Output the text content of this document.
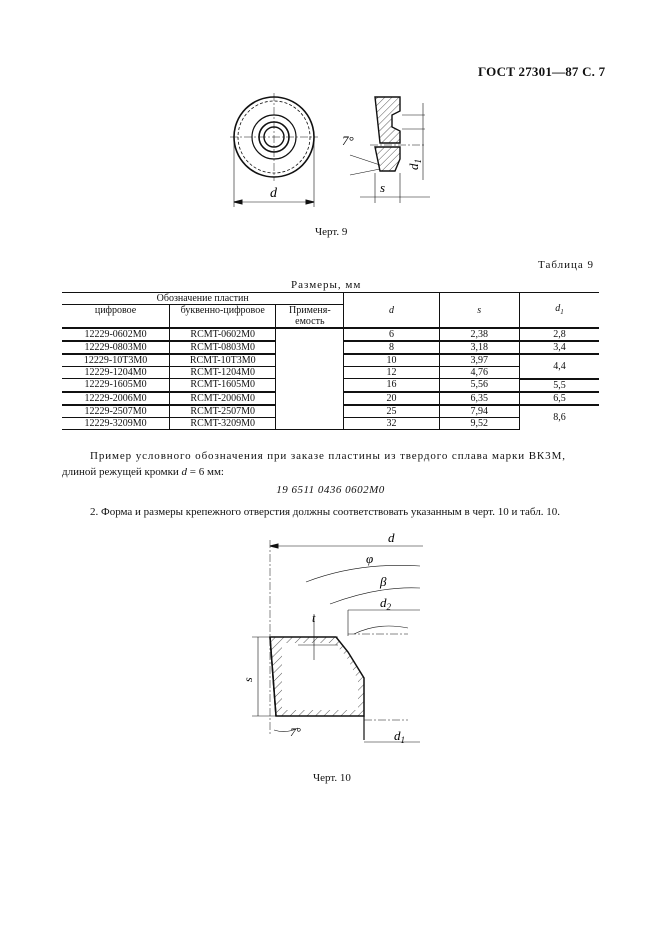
ГОСТ 27301—87 С. 7
d	s
7°
$d_1$
Черт. 9
Таблица 9
Размеры, мм
Обозначение пластин			d	s	$d_1$
цифровое	буквенно-цифровое	Применя-			
		емость			
12229-0602M0	RCMT-0602M0		6	2,38	2,8
12229-0803M0	RCMT-0803M0		8	3,18	3,4
12229-10T3M0	RCMT-10T3M0		10	3,97	4,4
12229-1204M0	RCMT-1204M0		12	4,76	
12229-1605M0	RCMT-1605M0		16	5,56	5,5
12229-2006M0	RCMT-2006M0		20	6,35	6,5
12229-2507M0	RCMT-2507M0		25	7,94	8,6
12229-3209M0	RCMT-3209M0		32	9,52	
Пример условного обозначения при заказе пластины из твердого сплава марки ВК3М,
длиной режущей кромки d = 6 мм:
19 6511 0436 0602M0
2. Форма и размеры крепежного отверстия должны соответствовать указанным в черт. 10 и табл. 10.
d
φ
β
$d_2$
t
s
$d_1$
7°
Черт. 10
